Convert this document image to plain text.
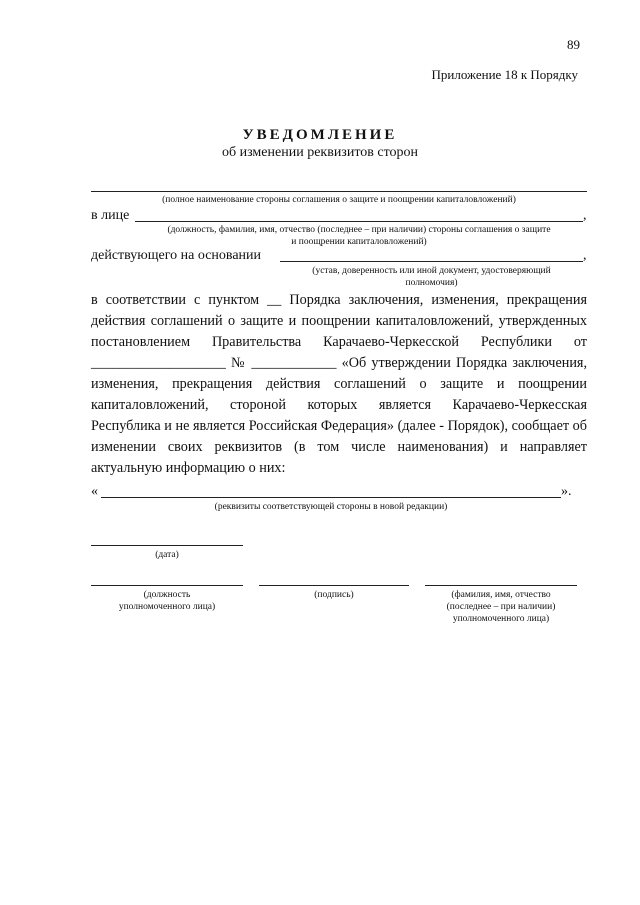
89
Приложение 18 к Порядку
УВЕДОМЛЕНИЕ
об изменении реквизитов сторон
(полное наименование стороны соглашения о защите и поощрении капиталовложений)
в лице	,
(должность, фамилия, имя, отчество (последнее – при наличии) стороны соглашения о защите
и поощрении капиталовложений)
действующего на основании	,
(устав, доверенность или иной документ, удостоверяющий
полномочия)

в соответствии с пунктом __ Порядка заключения, изменения, прекращения действия соглашений о защите и поощрении капиталовложений, утвержденных постановлением Правительства Карачаево-Черкесской Республики от ___________________ № ____________ «Об утверждении Порядка заключения, изменения, прекращения действия соглашений о защите и поощрении капиталовложений, стороной которых является Карачаево-Черкесская Республика и не является Российская Федерация» (далее - Порядок), сообщает об изменении своих реквизитов (в том числе наименования) и направляет актуальную информацию о них:

«	».
(реквизиты соответствующей стороны в новой редакции)
(дата)
(должность
уполномоченного лица)
(подпись)	(фамилия, имя, отчество
(последнее – при наличии)
уполномоченного лица)
